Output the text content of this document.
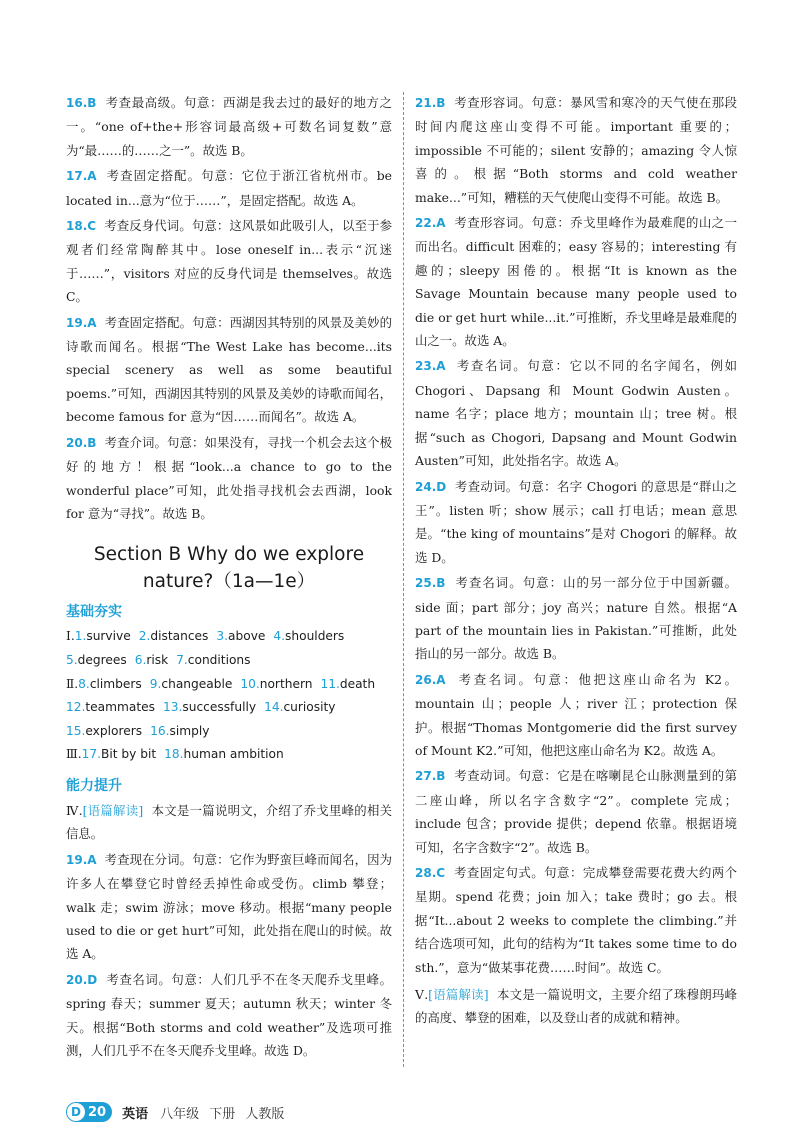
16.B 考查最高级。句意：西湖是我去过的最好的地方之一。“one of+the+形容词最高级+可数名词复数”意为“最……的……之一”。故选 B。
17.A 考查固定搭配。句意：它位于浙江省杭州市。be located in...意为“位于……”，是固定搭配。故选 A。
18.C 考查反身代词。句意：这风景如此吸引人，以至于参观者们经常陶醉其中。lose oneself in...表示“沉迷于……”，visitors 对应的反身代词是 themselves。故选 C。
19.A 考查固定搭配。句意：西湖因其特别的风景及美妙的诗歌而闻名。根据“The West Lake has become...its special scenery as well as some beautiful poems.”可知，西湖因其特别的风景及美妙的诗歌而闻名，become famous for 意为“因……而闻名”。故选 A。
20.B 考查介词。句意：如果没有，寻找一个机会去这个极好的地方！根据“look...a chance to go to the wonderful place”可知，此处指寻找机会去西湖，look for 意为“寻找”。故选 B。
Section B Why do we explore
nature?（1a—1e）
基础夯实
Ⅰ.1.survive 2.distances 3.above 4.shoulders
5.degrees 6.risk 7.conditions
Ⅱ.8.climbers 9.changeable 10.northern 11.death
12.teammates 13.successfully 14.curiosity
15.explorers 16.simply
Ⅲ.17.Bit by bit 18.human ambition
能力提升
Ⅳ.[语篇解读] 本文是一篇说明文，介绍了乔戈里峰的相关信息。
19.A 考查现在分词。句意：它作为野蛮巨峰而闻名，因为许多人在攀登它时曾经丢掉性命或受伤。climb 攀登；walk 走；swim 游泳；move 移动。根据“many people used to die or get hurt”可知，此处指在爬山的时候。故选 A。
20.D 考查名词。句意：人们几乎不在冬天爬乔戈里峰。spring 春天；summer 夏天；autumn 秋天；winter 冬天。根据“Both storms and cold weather”及选项可推测，人们几乎不在冬天爬乔戈里峰。故选 D。
21.B 考查形容词。句意：暴风雪和寒冷的天气使在那段时间内爬这座山变得不可能。important 重要的；impossible 不可能的；silent 安静的；amazing 令人惊喜的。根据“Both storms and cold weather make...”可知，糟糕的天气使爬山变得不可能。故选 B。
22.A 考查形容词。句意：乔戈里峰作为最难爬的山之一而出名。difficult 困难的；easy 容易的；interesting 有趣的；sleepy 困倦的。根据“It is known as the Savage Mountain because many people used to die or get hurt while...it.”可推断，乔戈里峰是最难爬的山之一。故选 A。
23.A 考查名词。句意：它以不同的名字闻名，例如 Chogori、Dapsang 和 Mount Godwin Austen。name 名字；place 地方；mountain 山；tree 树。根据“such as Chogori, Dapsang and Mount Godwin Austen”可知，此处指名字。故选 A。
24.D 考查动词。句意：名字 Chogori 的意思是“群山之王”。listen 听；show 展示；call 打电话；mean 意思是。“the king of mountains”是对 Chogori 的解释。故选 D。
25.B 考查名词。句意：山的另一部分位于中国新疆。side 面；part 部分；joy 高兴；nature 自然。根据“A part of the mountain lies in Pakistan.”可推断，此处指山的另一部分。故选 B。
26.A 考查名词。句意：他把这座山命名为 K2。mountain 山；people 人；river 江；protection 保护。根据“Thomas Montgomerie did the first survey of Mount K2.”可知，他把这座山命名为 K2。故选 A。
27.B 考查动词。句意：它是在喀喇昆仑山脉测量到的第二座山峰，所以名字含数字“2”。complete 完成；include 包含；provide 提供；depend 依靠。根据语境可知，名字含数字“2”。故选 B。
28.C 考查固定句式。句意：完成攀登需要花费大约两个星期。spend 花费；join 加入；take 费时；go 去。根据“It...about 2 weeks to complete the climbing.”并结合选项可知，此句的结构为“It takes some time to do sth.”，意为“做某事花费……时间”。故选 C。
Ⅴ.[语篇解读] 本文是一篇说明文，主要介绍了珠穆朗玛峰的高度、攀登的困难，以及登山者的成就和精神。
D 20 英语 八年级 下册 人教版
